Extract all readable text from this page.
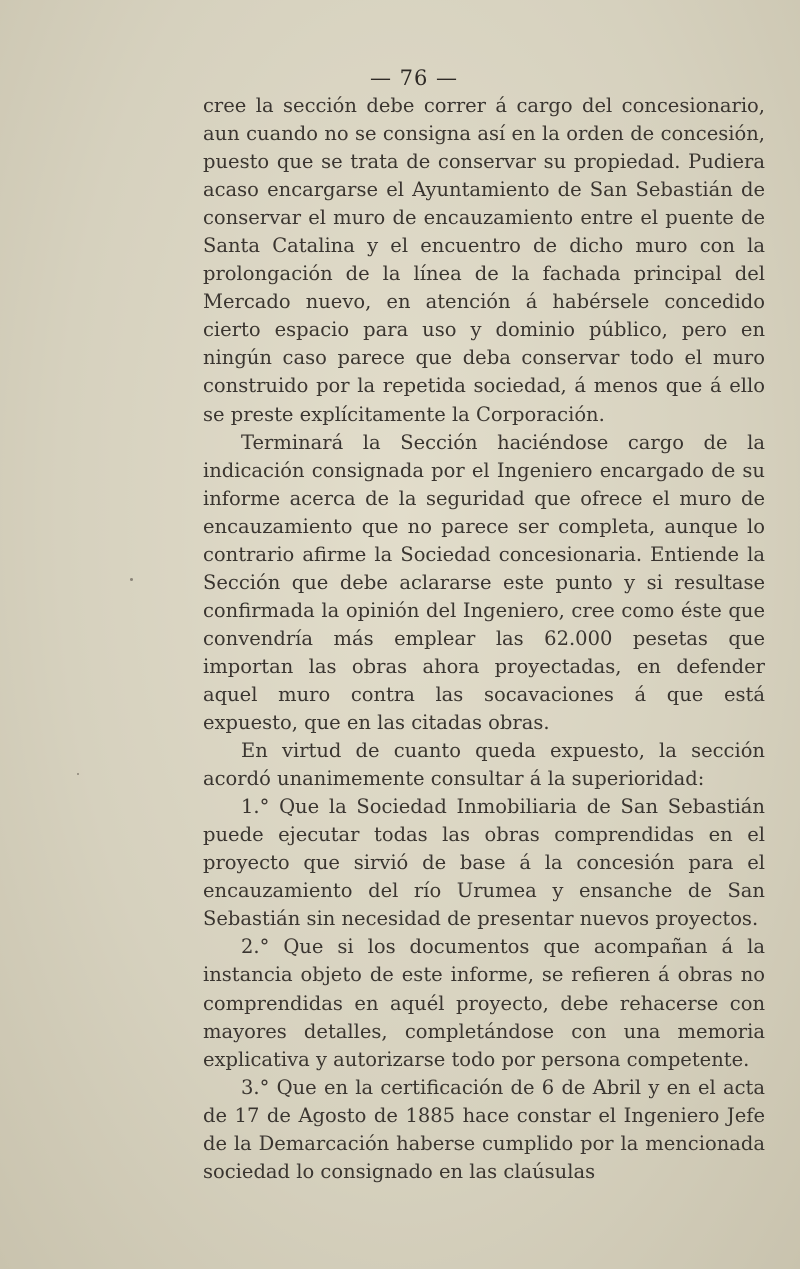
— 76 —

cree la sección debe correr á cargo del concesionario, aun cuando no se consigna así en la orden de concesión, puesto que se trata de conservar su propiedad. Pudiera acaso encargarse el Ayuntamiento de San Sebastián de conservar el muro de encauzamiento entre el puente de Santa Catalina y el encuentro de dicho muro con la prolongación de la línea de la fachada principal del Mercado nuevo, en atención á habérsele concedido cierto espacio para uso y dominio público, pero en ningún caso parece que deba conservar todo el muro construido por la repetida sociedad, á menos que á ello se preste explícitamente la Corporación.

Terminará la Sección haciéndose cargo de la indicación consignada por el Ingeniero encargado de su informe acerca de la seguridad que ofrece el muro de encauzamiento que no parece ser completa, aunque lo contrario afirme la Sociedad concesionaria. Entiende la Sección que debe aclararse este punto y si resultase confirmada la opinión del Ingeniero, cree como éste que convendría más emplear las 62.000 pesetas que importan las obras ahora proyectadas, en defender aquel muro contra las socavaciones á que está expuesto, que en las citadas obras.

En virtud de cuanto queda expuesto, la sección acordó unanimemente consultar á la superioridad:

1.° Que la Sociedad Inmobiliaria de San Sebastián puede ejecutar todas las obras comprendidas en el proyecto que sirvió de base á la concesión para el encauzamiento del río Urumea y ensanche de San Sebastián sin necesidad de presentar nuevos proyectos.

2.° Que si los documentos que acompañan á la instancia objeto de este informe, se refieren á obras no comprendidas en aquél proyecto, debe rehacerse con mayores detalles, completándose con una memoria explicativa y autorizarse todo por persona competente.

3.° Que en la certificación de 6 de Abril y en el acta de 17 de Agosto de 1885 hace constar el Ingeniero Jefe de la Demarcación haberse cumplido por la mencionada sociedad lo consignado en las claúsulas
